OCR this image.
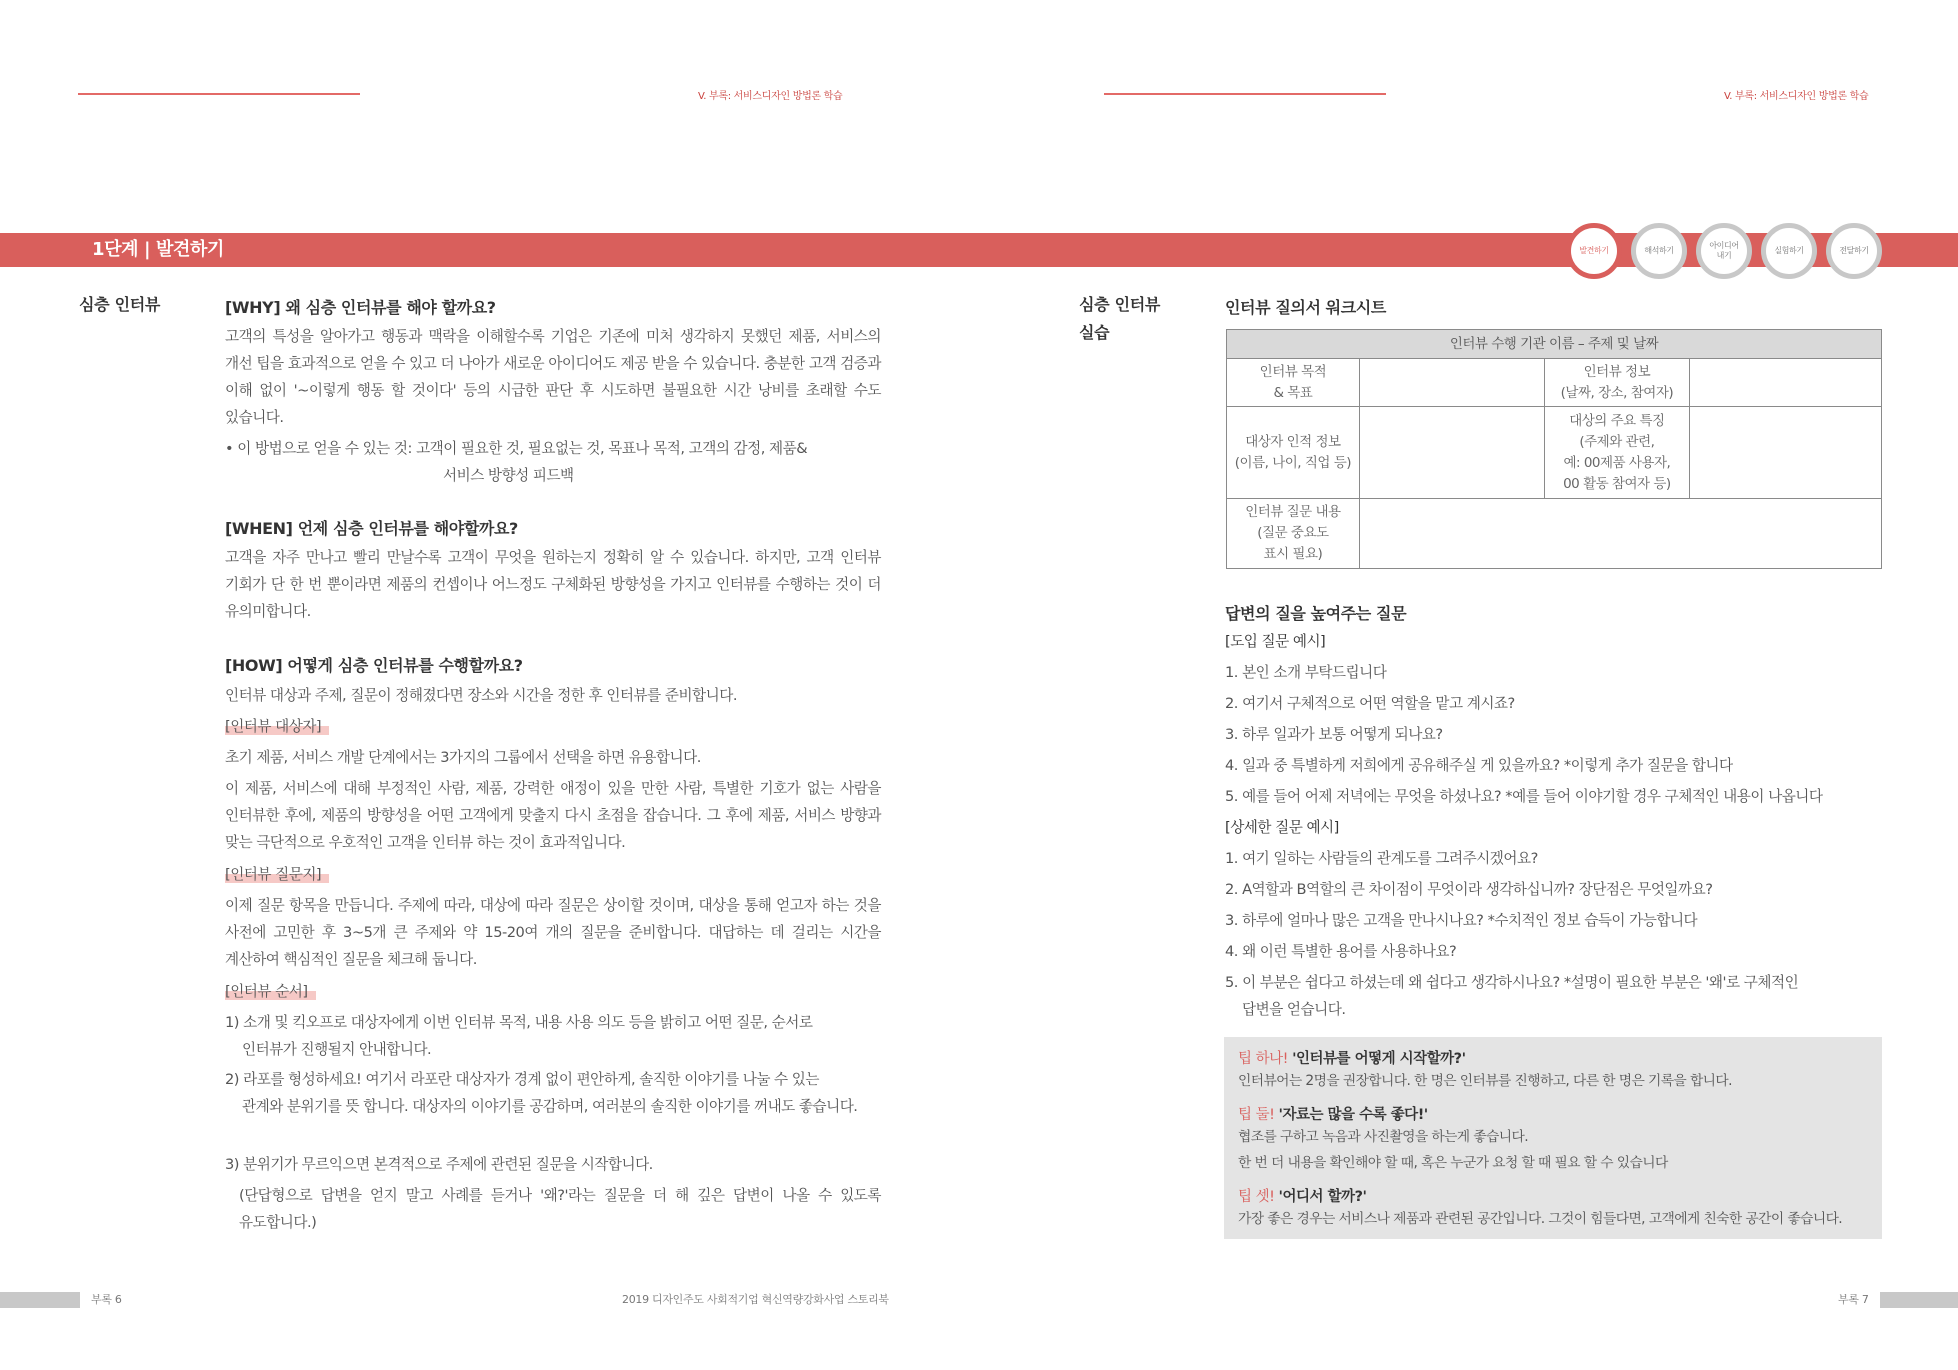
V. 부록: 서비스디자인 방법론 학습	V. 부록: 서비스디자인 방법론 학습
1단계 | 발견하기	발견하기	해석하기
아이디어
내기
실험하기	전달하기
심층 인터뷰	[WHY] 왜 심층 인터뷰를 해야 할까요?
고객의 특성을 알아가고 행동과 맥락을 이해할수록 기업은 기존에 미처 생각하지 못했던 제품, 서비스의 개선 팁을 효과적으로 얻을 수 있고 더 나아가 새로운 아이디어도 제공 받을 수 있습니다. 충분한 고객 검증과 이해 없이 '~이렇게 행동 할 것이다' 등의 시급한 판단 후 시도하면 불필요한 시간 낭비를 초래할 수도 있습니다.
• 이 방법으로 얻을 수 있는 것: 고객이 필요한 것, 필요없는 것, 목표나 목적, 고객의 감정, 제품&
서비스 방향성 피드백
[WHEN] 언제 심층 인터뷰를 해야할까요?
고객을 자주 만나고 빨리 만날수록 고객이 무엇을 원하는지 정확히 알 수 있습니다. 하지만, 고객 인터뷰 기회가 단 한 번 뿐이라면 제품의 컨셉이나 어느정도 구체화된 방향성을 가지고 인터뷰를 수행하는 것이 더 유의미합니다.
[HOW] 어떻게 심층 인터뷰를 수행할까요?
인터뷰 대상과 주제, 질문이 정해졌다면 장소와 시간을 정한 후 인터뷰를 준비합니다.
[인터뷰 대상자]
초기 제품, 서비스 개발 단계에서는 3가지의 그룹에서 선택을 하면 유용합니다.
이 제품, 서비스에 대해 부정적인 사람, 제품, 강력한 애정이 있을 만한 사람, 특별한 기호가 없는 사람을 인터뷰한 후에, 제품의 방향성을 어떤 고객에게 맞출지 다시 초점을 잡습니다. 그 후에 제품, 서비스 방향과 맞는 극단적으로 우호적인 고객을 인터뷰 하는 것이 효과적입니다.
[인터뷰 질문지]
이제 질문 항목을 만듭니다. 주제에 따라, 대상에 따라 질문은 상이할 것이며, 대상을 통해 얻고자 하는 것을 사전에 고민한 후 3~5개 큰 주제와 약 15-20여 개의 질문을 준비합니다. 대답하는 데 걸리는 시간을 계산하여 핵심적인 질문을 체크해 둡니다.
[인터뷰 순서]
1) 소개 및 킥오프로 대상자에게 이번 인터뷰 목적, 내용 사용 의도 등을 밝히고 어떤 질문, 순서로
인터뷰가 진행될지 안내합니다.
2) 라포를 형성하세요! 여기서 라포란 대상자가 경계 없이 편안하게, 솔직한 이야기를 나눌 수 있는
관계와 분위기를 뜻 합니다. 대상자의 이야기를 공감하며, 여러분의 솔직한 이야기를 꺼내도 좋습니다.
3) 분위기가 무르익으면 본격적으로 주제에 관련된 질문을 시작합니다.
(단답형으로 답변을 얻지 말고 사례를 듣거나 '왜?'라는 질문을 더 해 깊은 답변이 나올 수 있도록 유도합니다.)
심층 인터뷰
실습
인터뷰 질의서 워크시트
인터뷰 수행 기관 이름 – 주제 및 날짜			
인터뷰 목적
& 목표		인터뷰 정보
(날짜, 장소, 참여자)	
대상자 인적 정보
(이름, 나이, 직업 등)		대상의 주요 특징
(주제와 관련,
예: 00제품 사용자,
00 활동 참여자 등)	
인터뷰 질문 내용
(질문 중요도
표시 필요)			
답변의 질을 높여주는 질문
[도입 질문 예시]
1. 본인 소개 부탁드립니다
2. 여기서 구체적으로 어떤 역할을 맡고 계시죠?
3. 하루 일과가 보통 어떻게 되나요?
4. 일과 중 특별하게 저희에게 공유해주실 게 있을까요? *이렇게 추가 질문을 합니다
5. 예를 들어 어제 저녁에는 무엇을 하셨나요? *예를 들어 이야기할 경우 구체적인 내용이 나옵니다
[상세한 질문 예시]
1. 여기 일하는 사람들의 관계도를 그려주시겠어요?
2. A역할과 B역할의 큰 차이점이 무엇이라 생각하십니까? 장단점은 무엇일까요?
3. 하루에 얼마나 많은 고객을 만나시나요? *수치적인 정보 습득이 가능합니다
4. 왜 이런 특별한 용어를 사용하나요?
5. 이 부분은 쉽다고 하셨는데 왜 쉽다고 생각하시나요? *설명이 필요한 부분은 '왜'로 구체적인
답변을 얻습니다.
팁 하나! '인터뷰를 어떻게 시작할까?'
인터뷰어는 2명을 권장합니다. 한 명은 인터뷰를 진행하고, 다른 한 명은 기록을 합니다.
팁 둘! '자료는 많을 수록 좋다!'
협조를 구하고 녹음과 사진촬영을 하는게 좋습니다.
한 번 더 내용을 확인해야 할 때, 혹은 누군가 요청 할 때 필요 할 수 있습니다
팁 셋! '어디서 할까?'
가장 좋은 경우는 서비스나 제품과 관련된 공간입니다. 그것이 힘들다면, 고객에게 친숙한 공간이 좋습니다.
부록 6	2019 디자인주도 사회적기업 혁신역량강화사업 스토리북	부록 7
